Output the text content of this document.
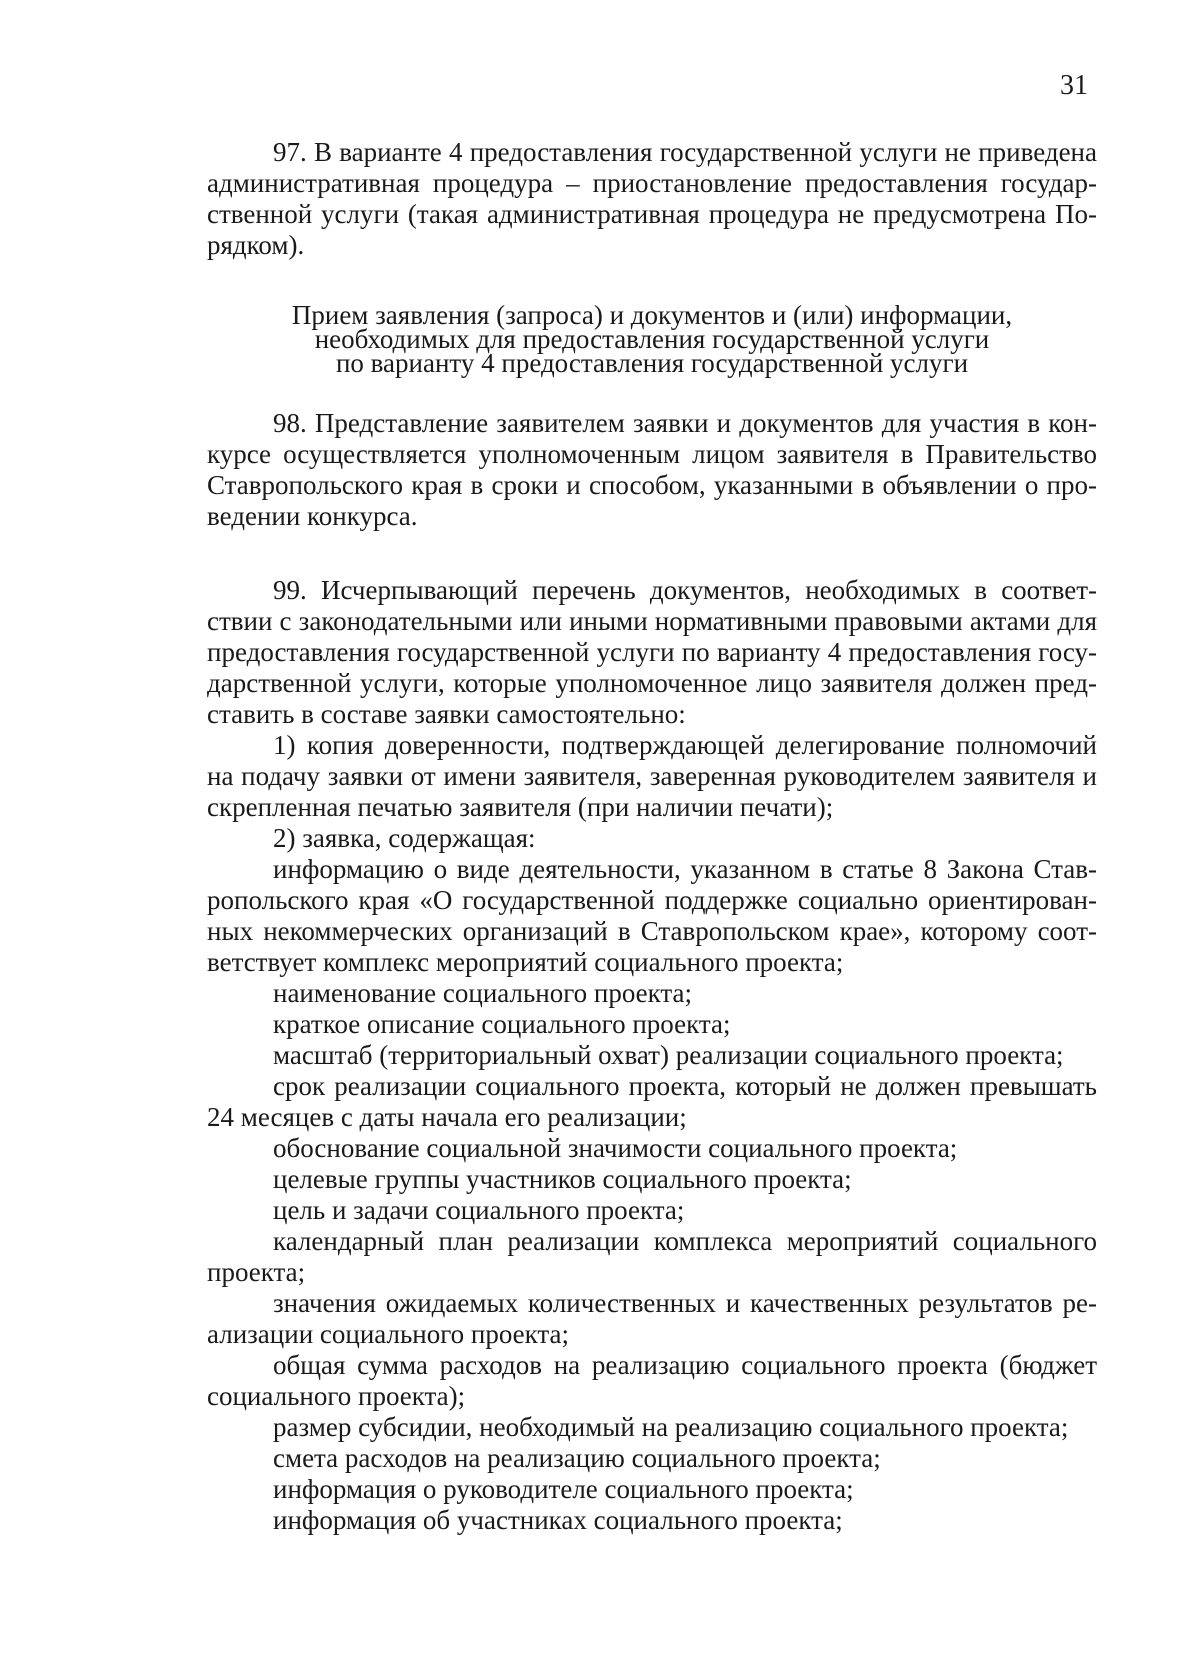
31

97. В варианте 4 предоставления государственной услуги не приведена административная процедура – приостановление предоставления государственной услуги (такая административная процедура не предусмотрена Порядком).

Прием заявления (запроса) и документов и (или) информации,
необходимых для предоставления государственной услуги
по варианту 4 предоставления государственной услуги

98. Представление заявителем заявки и документов для участия в конкурсе осуществляется уполномоченным лицом заявителя в Правительство Ставропольского края в сроки и способом, указанными в объявлении о проведении конкурса.

99. Исчерпывающий перечень документов, необходимых в соответствии с законодательными или иными нормативными правовыми актами для предоставления государственной услуги по варианту 4 предоставления государственной услуги, которые уполномоченное лицо заявителя должен представить в составе заявки самостоятельно:

1) копия доверенности, подтверждающей делегирование полномочий на подачу заявки от имени заявителя, заверенная руководителем заявителя и скрепленная печатью заявителя (при наличии печати);

2) заявка, содержащая:

информацию о виде деятельности, указанном в статье 8 Закона Ставропольского края «О государственной поддержке социально ориентированных некоммерческих организаций в Ставропольском крае», которому соответствует комплекс мероприятий социального проекта;

наименование социального проекта;

краткое описание социального проекта;

масштаб (территориальный охват) реализации социального проекта;

срок реализации социального проекта, который не должен превышать 24 месяцев с даты начала его реализации;

обоснование социальной значимости социального проекта;

целевые группы участников социального проекта;

цель и задачи социального проекта;

календарный план реализации комплекса мероприятий социального проекта;

значения ожидаемых количественных и качественных результатов реализации социального проекта;

общая сумма расходов на реализацию социального проекта (бюджет социального проекта);

размер субсидии, необходимый на реализацию социального проекта;

смета расходов на реализацию социального проекта;

информация о руководителе социального проекта;

информация об участниках социального проекта;
